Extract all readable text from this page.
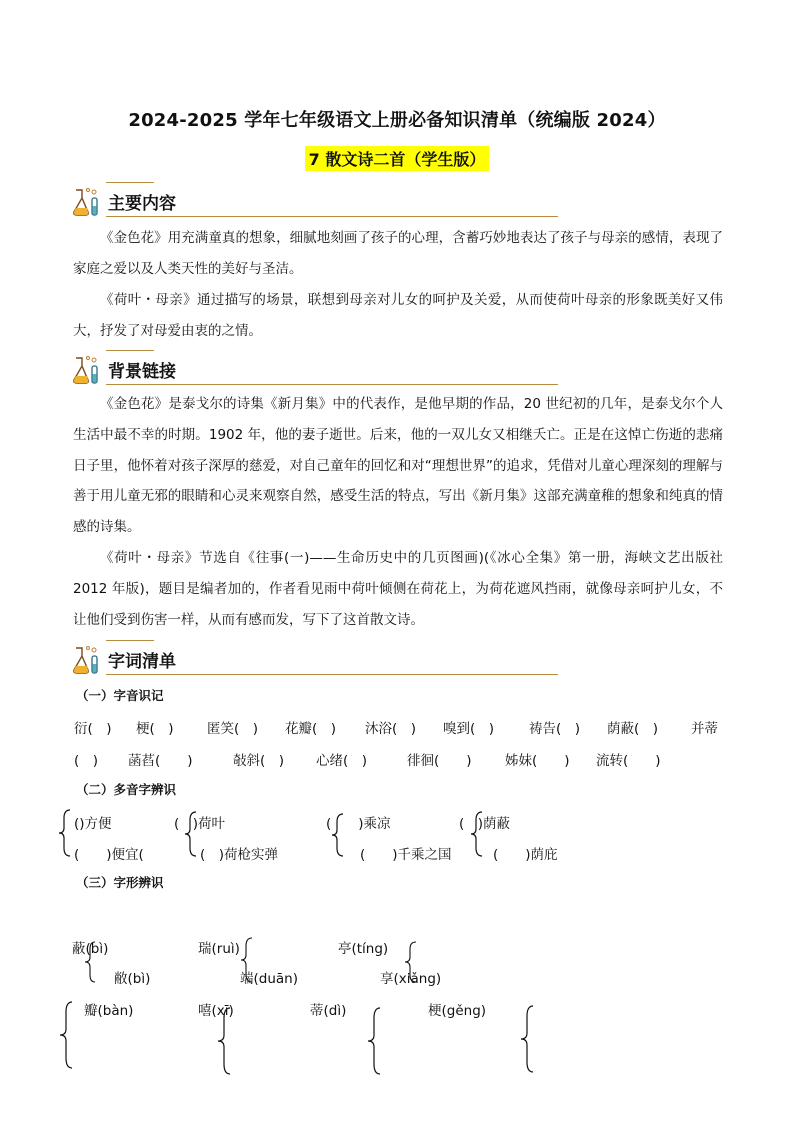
2024-2025 学年七年级语文上册必备知识清单（统编版 2024）
7 散文诗二首（学生版）
主要内容
《金色花》用充满童真的想象，细腻地刻画了孩子的心理，含蓄巧妙地表达了孩子与母亲的感情，表现了家庭之爱以及人类天性的美好与圣洁。
《荷叶・母亲》通过描写的场景，联想到母亲对儿女的呵护及关爱，从而使荷叶母亲的形象既美好又伟大，抒发了对母爱由衷的之情。
背景链接
《金色花》是泰戈尔的诗集《新月集》中的代表作，是他早期的作品，20 世纪初的几年，是泰戈尔个人生活中最不幸的时期。1902 年，他的妻子逝世。后来，他的一双儿女又相继夭亡。正是在这悼亡伤逝的悲痛日子里，他怀着对孩子深厚的慈爱，对自己童年的回忆和对“理想世界”的追求，凭借对儿童心理深刻的理解与善于用儿童无邪的眼睛和心灵来观察自然，感受生活的特点，写出《新月集》这部充满童稚的想象和纯真的情感的诗集。
《荷叶・母亲》节选自《往事(一)——生命历史中的几页图画)(《冰心全集》第一册，海峡文艺出版社 2012 年版)，题目是编者加的，作者看见雨中荷叶倾侧在荷花上，为荷花遮风挡雨，就像母亲呵护儿女，不让他们受到伤害一样，从而有感而发，写下了这首散文诗。
字词清单
（一）字音识记
衍(　) 梗(　) 匿笑(　) 花瓣(　) 沐浴(　) 嗅到(　)	祷告(　) 荫蔽(　) 并蒂
(　) 菡萏(　　)	敧斜(　) 心绪(　)	徘徊(　　) 姊妹(　　) 流转(　　)
（二）多音字辨识
()方便
(　　)便宜(
(　)荷叶
(　)荷枪实弹
(　　)乘凉
(　　)千乘之国
(　)荫蔽
(　　)荫庇
（三）字形辨识
蔽(bì)
敝(bì)
瑞(ruì)
端(duān)
亭(tíng)
享(xiǎng)
瓣(bàn)	嘻(xī)	蒂(dì)	梗(gěng)
